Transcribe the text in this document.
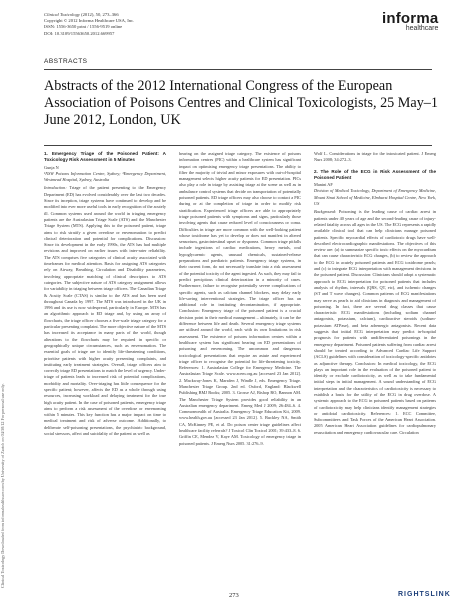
Clinical Toxicology Downloaded from informahealthcare.com by University of Zurich on 04/30/12 For personal use only.
Clinical Toxicology (2012), 50, 273–366
Copyright © 2012 Informa Healthcare USA, Inc.
ISSN: 1556-3650 print / 1556-9519 online
DOI: 10.3109/15563650.2012.669957
informa
healthcare
ABSTRACTS
Abstracts of the 2012 International Congress of the European Association of Poisons Centres and Clinical Toxicologists, 25 May–1 June 2012, London, UK
1. Emergency Triage of the Poisoned Patient: A Toxicology Risk Assessment in 5 Minutes
Gunja N
¹NSW Poisons Information Centre, Sydney; ²Emergency Department, Westmead Hospital, Sydney, Australia

Introduction: Triage of the patient presenting to the Emergency Department (ED) has evolved considerably over the last two decades. Since its inception, triage systems have continued to develop and be modified into ever more useful tools in early recognition of the acutely ill. Common systems used around the world in triaging emergency patients are the Australasian Triage Scale (ATS) and the Manchester Triage System (MTS). Applying this to the poisoned patient, triage aims to risk stratify a given overdose or envenomation to predict clinical deterioration and potential for complications. Discussion: Since its development in the early 1990s, the ATS has had multiple revisions and improved on earlier issues with inter-rater reliability. The ATS comprises five categories of clinical acuity associated with timeframes for medical attention. Basis for assigning ATS categories rely on Airway, Breathing, Circulation and Disability parameters, involving appropriate matching of clinical descriptors to ATS categories. The subjective nature of ATS category assignment allows for variability in triaging between triage officers. The Canadian Triage & Acuity Scale (CTAS) is similar to the ATS and has been used throughout Canada by 1997. The MTS was introduced in the UK in 1996 and its use is now widespread, particularly in Europe. MTS has an algorithmic approach to ED triage and, by using an array of flowcharts, the triage officer chooses a five-scale triage category for a particular presenting complaint. The more objective nature of the MTS has increased its acceptance in many parts of the world, though alterations to the flowcharts may be required in specific or geographically unique circumstances, such as envenomation. The essential goals of triage are to identify life-threatening conditions, prioritise patients with higher acuity presenting complaints, and instituting early treatment strategies. Overall, triage officers aim to correctly triage ED presentations to match the level of urgency. Under-triage of patients leads to increased risk of potential complications, morbidity and mortality. Over-triaging has little consequence for the specific patient; however, affects the ED as a whole through using resources, increasing workload and delaying treatment for the true high acuity patient. In the case of poisoned patients, emergency triage aims to perform a risk assessment of the overdose or envenoming within 5 minutes. This key function has a major impact on time to medical treatment and risk of adverse outcome. Additionally, to deliberate self-poisoning presentations, the psychiatric background, social stressors, affect and suicidality of the patient as well as

bearing on the assigned triage category. The existence of poisons information centres (PIC) within a healthcare system has significant impact on optimising emergency triage presentations. The ability to filter the majority of trivial and minor exposures with out-of-hospital management selects higher acuity patients for ED presentation. PICs also play a role in triage by assisting triage at the scene as well as in ambulance control systems that decide on transportation of potentially poisoned patients. ED triage officers may also choose to contact a PIC during or at the completion of triage in order to modify risk stratification. Experienced triage officers are able to appropriately triage poisoned patients with symptoms and signs, particularly those involving agents that cause reduced level of consciousness or coma. Difficulties in triage are more common with the well-looking patient whose toxidrome has yet to develop or does not manifest in altered sensorium, gastrointestinal upset or dysponea. Common triage pitfalls include ingestions of cardiac medications, heavy metals, oral hypoglycaemic agents, unusual chemicals, sustained-release preparations and paediatric patients. Emergency triage systems, in their current form, do not necessarily translate into a risk assessment of the potential toxicity of the agent ingested. As such, they may fail to predict precipitous clinical deterioration in a minority of cases. Furthermore, failure to recognise potentially severe complications of specific agents, such as calcium channel blockers, may delay early life-saving interventional strategies. The triage officer has an additional role in instituting decontamination, if appropriate. Conclusion: Emergency triage of the poisoned patient is a crucial decision point in their medical management – ultimately, it can be the difference between life and death. Several emergency triage systems are utilised around the world, each with its own limitations in risk assessment. The existence of poisons information centres within a healthcare system has significant bearing on ED presentations of poisoning and envenoming. The uncommon and dangerous toxicological presentations that require an astute and experienced triage officer to recognise the potential for life-threatening toxicity. References: 1. Australasian College for Emergency Medicine. The Australasian Triage Scale. www.acem.org.au [accessed 23 Jan 2012]. 2. Mackway-Jones K, Marsden J, Windle J, eds. Emergency Triage. Manchester Triage Group. 2nd ed. Oxford, England: Blackwell Publishing BMJ Books; 2005. 3. Grosse AJ, Bishop RO, Bannon AM. The Manchester Triage System provides good reliability in an Australian emergency department. Emerg Med J 2009; 26:484–6. 4. Commonwealth of Australia. Emergency Triage Education Kit, 2009. www.health.gov.au [accessed 23 Jan 2012]. 5. Buckley NA, Smith CA, McKinney PE, et al. Do poison center triage guidelines affect healthcare facility referrals? J Toxicol Clin Toxicol 2001; 39:433–8. 6. Griffin CE, Mendez V, Kaye AM. Toxicology of emergency triage in poisoned patients. J Emerg Nurs 2005. 31:276–9.

Wolf L. Considerations in triage for the intoxicated patient. J Emerg Nurs 2008; 34:272–3.

2. The Role of the ECG in Risk Assessment of the Poisoned Patient
Manini AF
Division of Medical Toxicology, Department of Emergency Medicine, Mount Sinai School of Medicine, Elmhurst Hospital Centre, New York, US

Background: Poisoning is the leading cause of cardiac arrest in patients under 40 years of age and the second-leading cause of injury-related fatality across all ages in the US. The ECG represents a rapidly available clinical tool that can help clinicians manage poisoned patients. Specific myocardial effects of cardiotoxic drugs have well-described electrocardiographic manifestations. The objectives of this review are: (a) to summarize specific toxic effects on the myocardium that can cause characteristic ECG changes, (b) to review the approach to the ECG in acutely poisoned patients and ECG toxidrome pearls; and (c) to integrate ECG interpretation with management decisions in the poisoned patient. Discussion: Clinicians should adopt a systematic approach to ECG interpretation for poisoned patients that includes analysis of rhythm, intervals (QRS, QT, etc), and ischemic changes (ST and T wave changes). Common patterns of ECG manifestations may serve as pearls to aid clinicians in diagnosis and management of poisoning. In fact, there are several drug classes that cause characteristic ECG manifestations (including sodium channel antagonists, potassium, calcium), cardioactive steroids (sodium-potassium ATPase), and beta adrenergic antagonists. Recent data suggests that initial ECG interpretation may predict in-hospital prognosis for patients with undifferentiated poisonings in the emergency department. Poisoned patients suffering from cardiac arrest should be treated according to Advanced Cardiac Life Support (ACLS) guidelines with consideration of toxicology-specific antidotes as adjunctive therapy. Conclusion: In medical toxicology, the ECG plays an important role in the evaluation of the poisoned patient to identify or exclude cardiotoxicity, as well as to take fundamental initial steps in initial management. A sound understanding of ECG interpretation and the characteristics of cardiotoxicity is necessary to establish a basis for the utility of the ECG in drug overdose. A systemic approach to the ECG in poisoned patients based on patterns of cardiotoxicity may help clinicians identify management strategies or antidotal cardiotoxicity. References: 1. ECC Committee, Subcommittees and Task Forces of the American Heart Association. 2005 American Heart Association guidelines for cardiopulmonary resuscitation and emergency cardiovascular care. Circulation

273	RIGHTSLINK
